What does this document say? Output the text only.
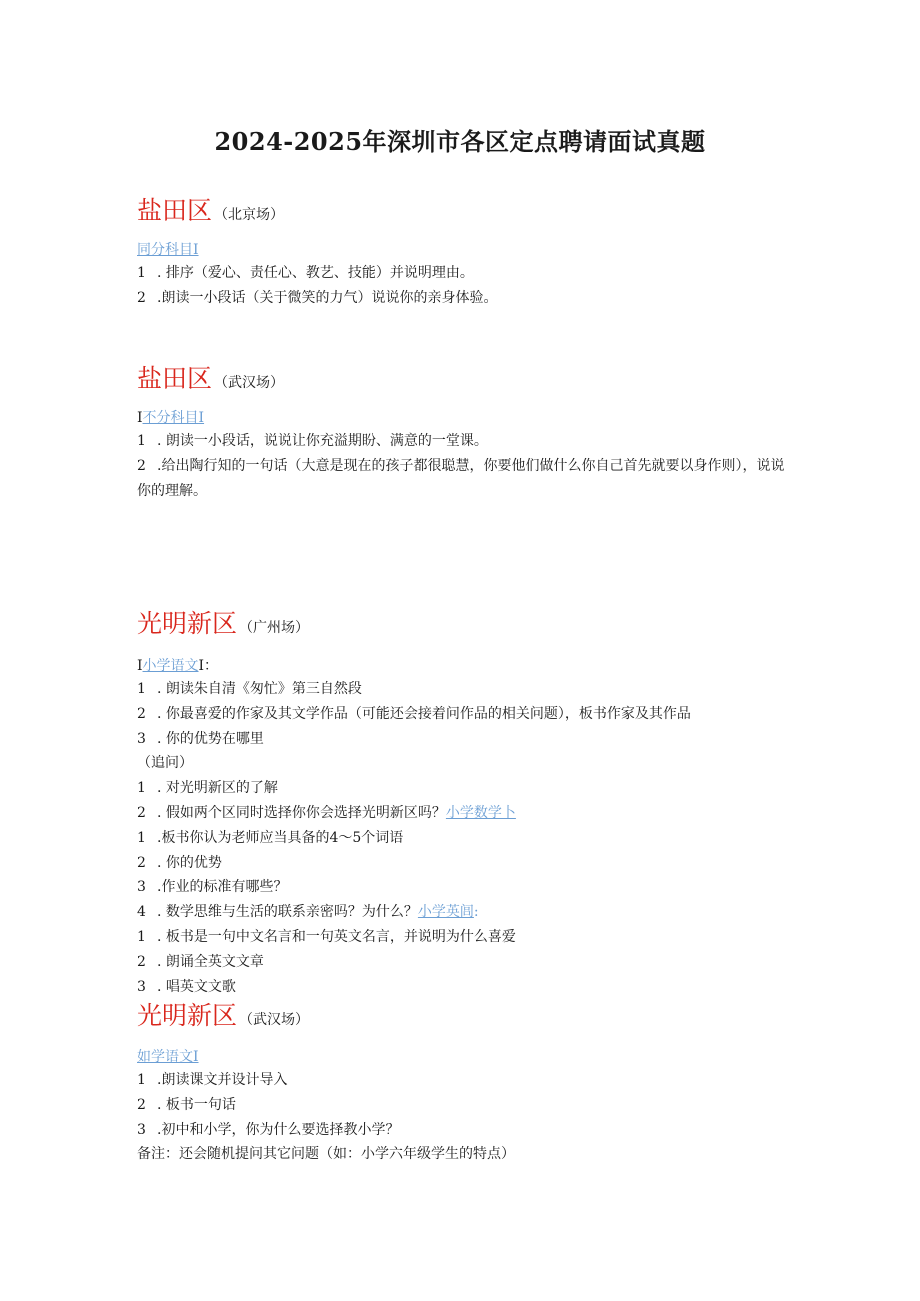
2024-2025年深圳市各区定点聘请面试真题
盐田区 （北京场）
同分科目I
1 . 排序（爱心、责任心、教艺、技能）并说明理由。
2 .朗读一小段话（关于微笑的力气）说说你的亲身体验。
盐田区 （武汉场）
I不分科目I
1 . 朗读一小段话，说说让你充溢期盼、满意的一堂课。
2 .给出陶行知的一句话（大意是现在的孩子都很聪慧，你要他们做什么你自己首先就要以身作则），说说你的理解。
光明新区 （广州场）
I小学语文I：
1 . 朗读朱自清《匆忙》第三自然段
2 . 你最喜爱的作家及其文学作品（可能还会接着问作品的相关问题），板书作家及其作品
3 . 你的优势在哪里
（追问）
1 . 对光明新区的了解
2 . 假如两个区同时选择你你会选择光明新区吗？小学数学卜
1 .板书你认为老师应当具备的4〜5个词语
2 . 你的优势
3 .作业的标准有哪些？
4 . 数学思维与生活的联系亲密吗？为什么？小学英闾:
1 . 板书是一句中文名言和一句英文名言，并说明为什么喜爱
2 . 朗诵全英文文章
3 . 唱英文文歌
光明新区 （武汉场）
如学语文I
1 .朗读课文并设计导入
2 . 板书一句话
3 .初中和小学，你为什么要选择教小学？
备注：还会随机提问其它问题（如：小学六年级学生的特点）
